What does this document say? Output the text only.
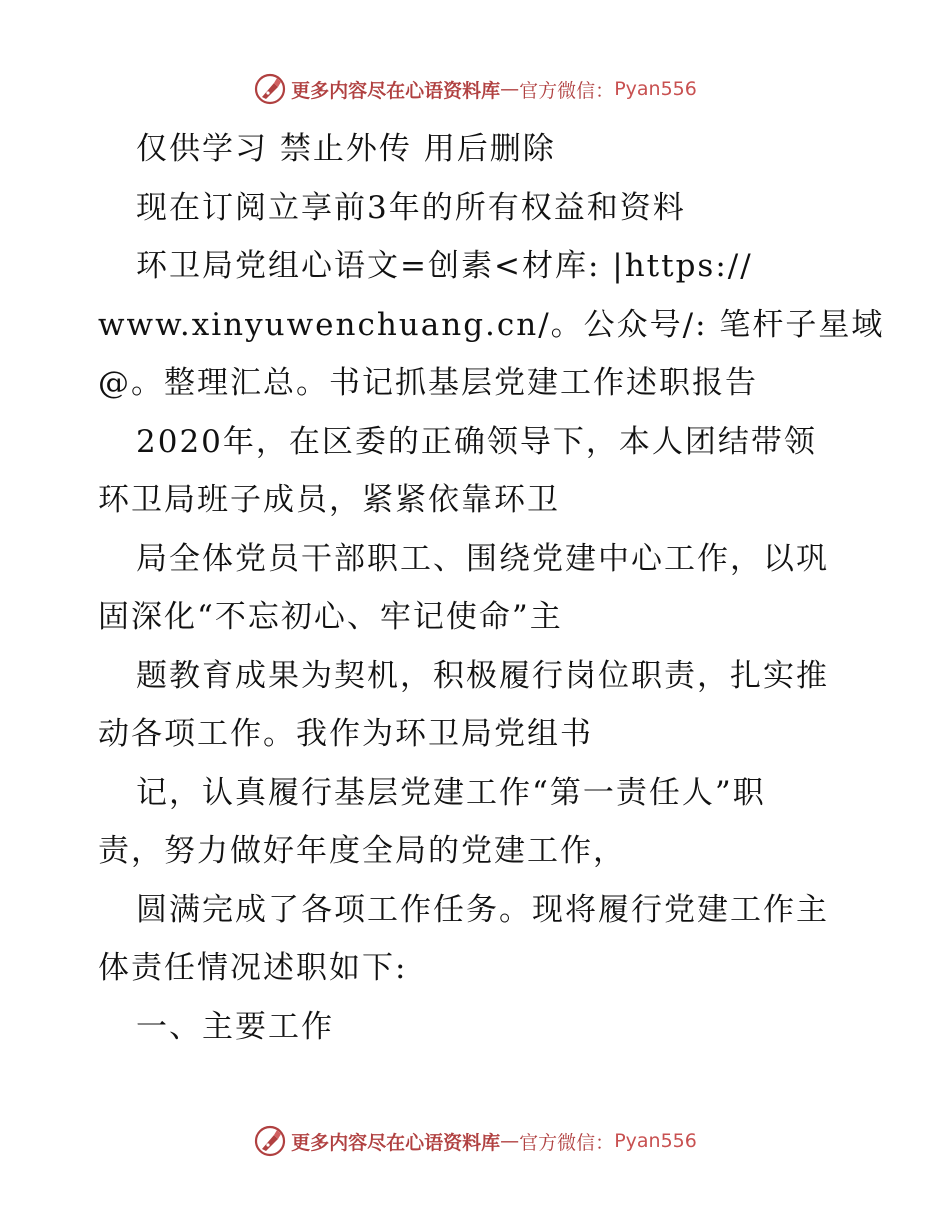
更多内容尽在心语资料库 — 官方微信： Pyan556
仅供学习 禁止外传 用后删除
现在订阅立享前3年的所有权益和资料
环卫局党组心语文=创素<材库: |https://
www.xinyuwenchuang.cn/。公众号/: 笔杆子星域
@。整理汇总。书记抓基层党建工作述职报告
2020年，在区委的正确领导下，本人团结带领
环卫局班子成员，紧紧依靠环卫
局全体党员干部职工、围绕党建中心工作，以巩
固深化“不忘初心、牢记使命”主
题教育成果为契机，积极履行岗位职责，扎实推
动各项工作。我作为环卫局党组书
记，认真履行基层党建工作“第一责任人”职
责，努力做好年度全局的党建工作，
圆满完成了各项工作任务。现将履行党建工作主
体责任情况述职如下:
一、主要工作
更多内容尽在心语资料库 — 官方微信： Pyan556
